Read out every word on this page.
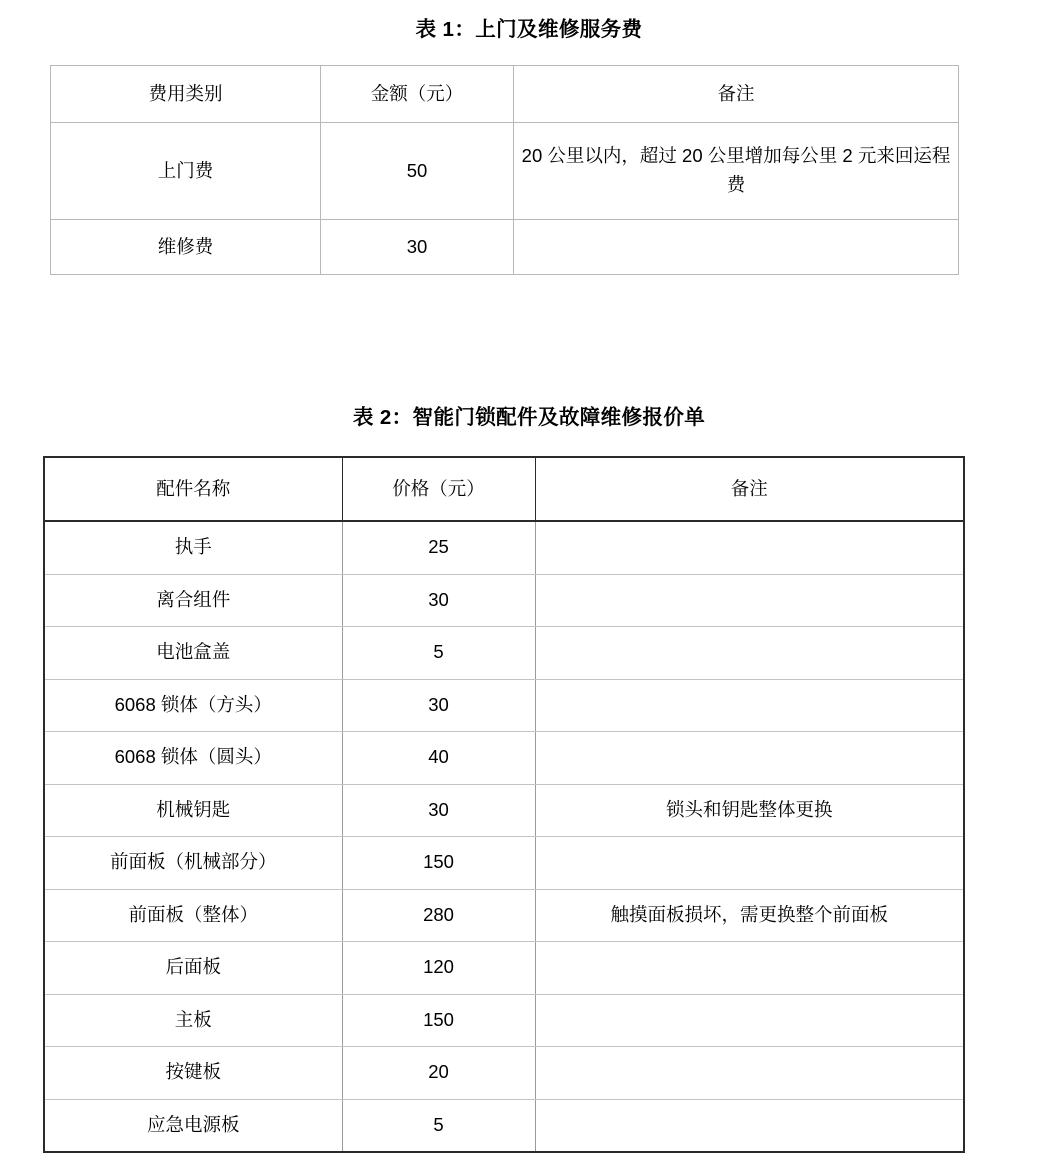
表 1：上门及维修服务费
费用类别	金额（元）	备注
上门费	50	20 公里以内，超过 20 公里增加每公里 2 元来回运程费
维修费	30	
表 2：智能门锁配件及故障维修报价单
配件名称	价格（元）	备注
执手	25	
离合组件	30	
电池盒盖	5	
6068 锁体（方头）	30	
6068 锁体（圆头）	40	
机械钥匙	30	锁头和钥匙整体更换
前面板（机械部分）	150	
前面板（整体）	280	触摸面板损坏，需更换整个前面板
后面板	120	
主板	150	
按键板	20	
应急电源板	5	
